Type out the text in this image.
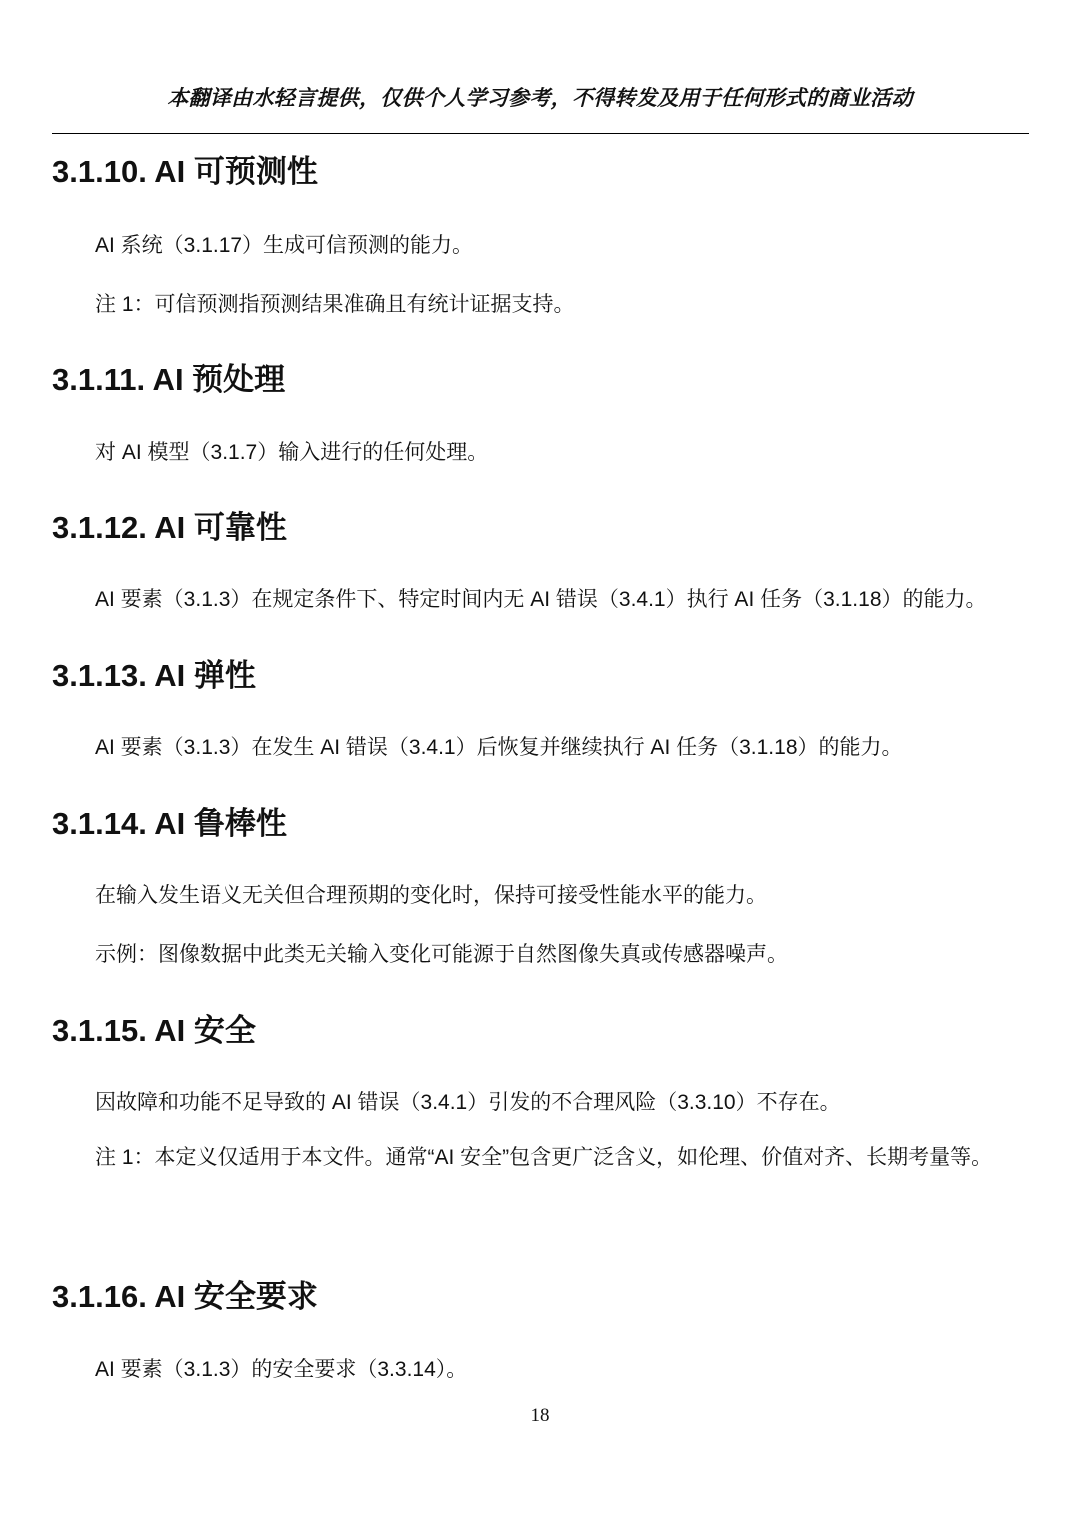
本翻译由水轻言提供，仅供个人学习参考，不得转发及用于任何形式的商业活动
3.1.10. AI 可预测性
AI 系统（3.1.17）生成可信预测的能力。
注 1：可信预测指预测结果准确且有统计证据支持。
3.1.11. AI 预处理
对 AI 模型（3.1.7）输入进行的任何处理。
3.1.12. AI 可靠性
AI 要素（3.1.3）在规定条件下、特定时间内无 AI 错误（3.4.1）执行 AI 任务（3.1.18）的能力。
3.1.13. AI 弹性
AI 要素（3.1.3）在发生 AI 错误（3.4.1）后恢复并继续执行 AI 任务（3.1.18）的能力。
3.1.14. AI 鲁棒性
在输入发生语义无关但合理预期的变化时，保持可接受性能水平的能力。
示例：图像数据中此类无关输入变化可能源于自然图像失真或传感器噪声。
3.1.15. AI 安全
因故障和功能不足导致的 AI 错误（3.4.1）引发的不合理风险（3.3.10）不存在。
注 1：本定义仅适用于本文件。通常“AI 安全”包含更广泛含义，如伦理、价值对齐、长期考量等。
3.1.16. AI 安全要求
AI 要素（3.1.3）的安全要求（3.3.14）。
18
